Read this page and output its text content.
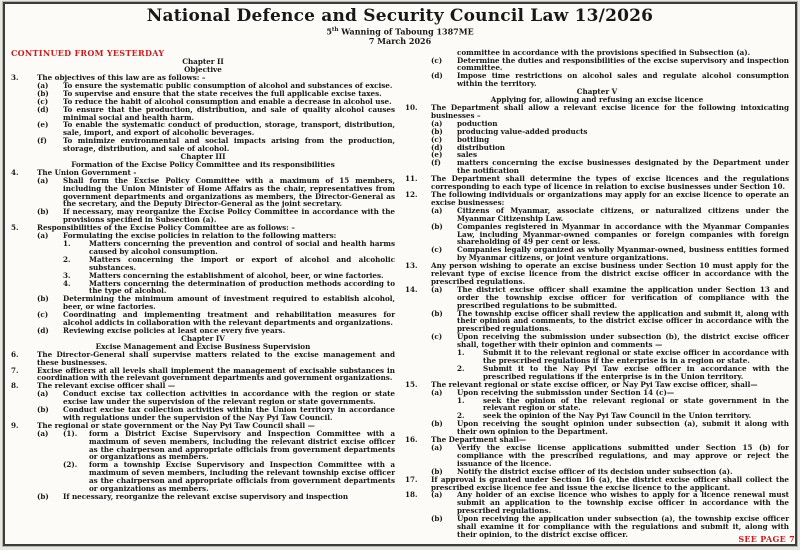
National Defence and Security Council Law 13/2026
5th Wanning of Taboung 1387ME
7 March 2026
CONTINUED FROM YESTERDAY
Chapter II
Objective
3.	The objectives of this law are as follows: –
(a)	To ensure the systematic public consumption of alcohol and substances of excise.
(b)	To supervise and ensure that the state receives the full applicable excise taxes.
(c)	To reduce the habit of alcohol consumption and enable a decrease in alcohol use.
(d)	To ensure that the production, distribution, and sale of quality alcohol causes minimal social and health harm.
(e)	To enable the systematic conduct of production, storage, transport, distribution, sale, import, and export of alcoholic beverages.
(f)	To minimize environmental and social impacts arising from the production, storage, distribution, and sale of alcohol.
Chapter III
Formation of the Excise Policy Committee and its responsibilities
4.	The Union Government -
(a)	Shall form the Excise Policy Committee with a maximum of 15 members, including the Union Minister of Home Affairs as the chair, representatives from government departments and organizations as members, the Director-General as the secretary, and the Deputy Director-General as the joint secretary.
(b)	If necessary, may reorganize the Excise Policy Committee in accordance with the provisions specified in Subsection (a).
5.	Responsibilities of the Excise Policy Committee are as follows: –
(a)	Formulating the excise policies in relation to the following matters:
1.	Matters concerning the prevention and control of social and health harms caused by alcohol consumption.
2.	Matters concerning the import or export of alcohol and alcoholic substances.
3.	Matters concerning the establishment of alcohol, beer, or wine factories.
4.	Matters concerning the determination of production methods according to the type of alcohol.
(b)	Determining the minimum amount of investment required to establish alcohol, beer, or wine factories.
(c)	Coordinating and implementing treatment and rehabilitation measures for alcohol addicts in collaboration with the relevant departments and organizations.
(d)	Reviewing excise policies at least once every five years.
Chapter IV
Excise Management and Excise Business Supervision
6.	The Director-General shall supervise matters related to the excise management and these businesses.
7.	Excise officers at all levels shall implement the management of excisable substances in coordination with the relevant government departments and government organizations.
8.	The relevant excise officer shall —
(a)	Conduct excise tax collection activities in accordance with the region or state excise law under the supervision of the relevant region or state governments.
(b)	Conduct excise tax collection activities within the Union territory in accordance with regulations under the supervision of the Nay Pyi Taw Council.
9.	The regional or state government or the Nay Pyi Taw Council shall —
(a)	(1).	form a District Excise Supervisory and Inspection Committee with a maximum of seven members, including the relevant district excise officer as the chairperson and appropriate officials from government departments or organizations as members.
(2).	form a township Excise Supervisory and Inspection Committee with a maximum of seven members, including the relevant township excise officer as the chairperson and appropriate officials from government departments or organizations as members.
(b)	If necessary, reorganize the relevant excise supervisory and inspection
committee in accordance with the provisions specified in Subsection (a).
(c)	Determine the duties and responsibilities of the excise supervisory and inspection committee.
(d)	Impose time restrictions on alcohol sales and regulate alcohol consumption within the territory.
Chapter V
Applying for, allowing and refusing an excise licence
10.	The Department shall allow a relevant excise licence for the following intoxicating businesses –
(a)	poduction
(b)	producing value-added products
(c)	bottling
(d)	distribution
(e)	sales
(f)	matters concerning the excise businesses designated by the Department under the notification
11.	The Department shall determine the types of excise licences and the regulations corresponding to each type of licence in relation to excise businesses under Section 10.
12.	The following individuals or organizations may apply for an excise licence to operate an excise businesses:
(a)	Citizens of Myanmar, associate citizens, or naturalized citizens under the Myanmar Citizenship Law.
(b)	Companies registered in Myanmar in accordance with the Myanmar Companies Law, including Myanmar-owned companies or foreign companies with foreign shareholding of 49 per cent or less.
(c)	Companies legally organized as wholly Myanmar-owned, business entities formed by Myanmar citizens, or joint venture organizations.
13.	Any person wishing to operate an excise business under Section 10 must apply for the relevant type of excise licence from the district excise officer in accordance with the prescribed regulations.
14.	(a)	The district excise officer shall examine the application under Section 13 and order the township excise officer for verification of compliance with the prescribed regulations to be submitted.
(b)	The township excise officer shall review the application and submit it, along with their opinion and comments, to the district excise officer in accordance with the prescribed regulations.
(c)	Upon receiving the submission under subsection (b), the district excise officer shall, together with their opinion and comments —
1.	Submit it to the relevant regional or state excise officer in accordance with the prescribed regulations if the enterprise is in a region or state.
2.	Submit it to the Nay Pyi Taw excise officer in accordance with the prescribed regulations if the enterprise is in the Union territory.
15.	The relevant regional or state excise officer, or Nay Pyi Taw excise officer, shall—
(a)	Upon receiving the submission under Section 14 (c)—
1.	seek the opinion of the relevant regional or state government in the relevant region or state.
2.	seek the opinion of the Nay Pyi Taw Council in the Union territory.
(b)	Upon receiving the sought opinion under subsection (a), submit it along with their own opinion to the Department.
16.	The Department shall—
(a)	Verify the excise license applications submitted under Section 15 (b) for compliance with the prescribed regulations, and may approve or reject the issuance of the licence.
(b)	Notify the district excise officer of its decision under subsection (a).
17.	If approval is granted under Section 16 (a), the district excise officer shall collect the prescribed excise licence fee and issue the excise licence to the applicant.
18.	(a)	Any holder of an excise licence who wishes to apply for a licence renewal must submit an application to the township excise officer in accordance with the prescribed regulations.
(b)	Upon receiving the application under subsection (a), the township excise officer shall examine it for compliance with the regulations and submit it, along with their opinion, to the district excise officer.	SEE PAGE 7
